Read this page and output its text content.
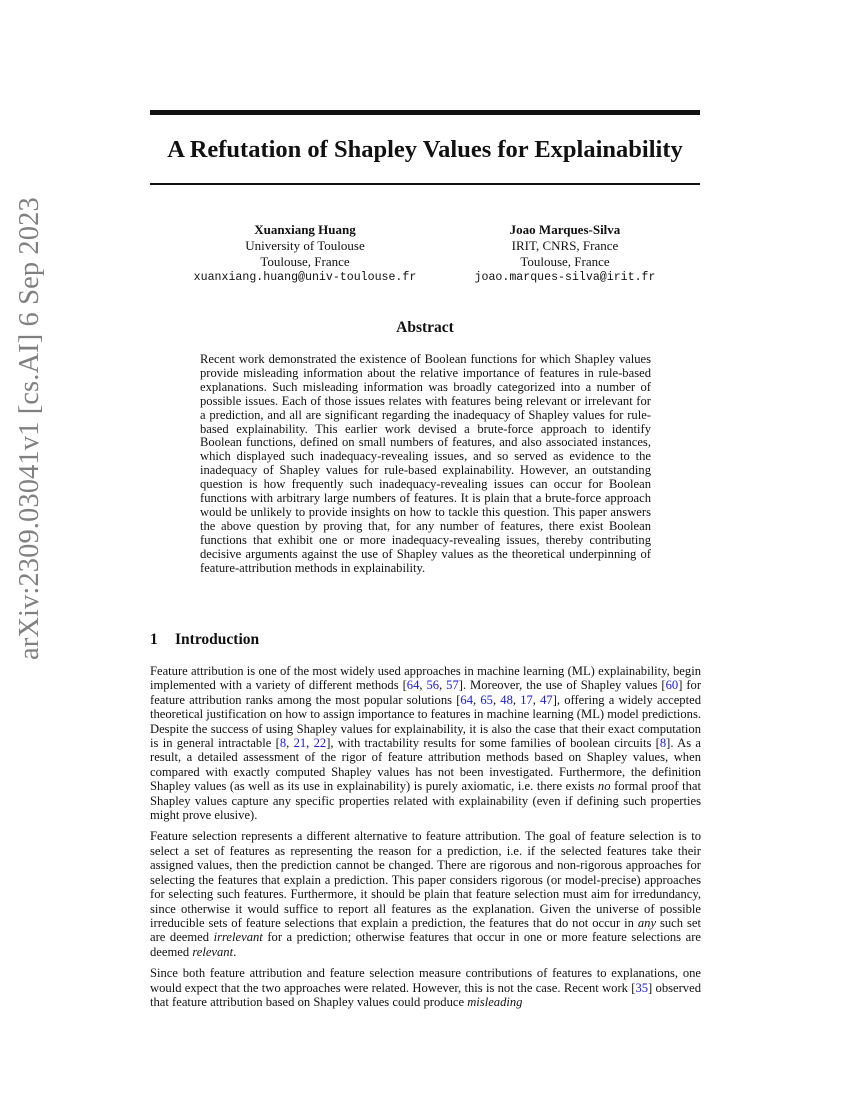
arXiv:2309.03041v1 [cs.AI] 6 Sep 2023
A Refutation of Shapley Values for Explainability
Xuanxiang Huang
University of Toulouse
Toulouse, France
xuanxiang.huang@univ-toulouse.fr
Joao Marques-Silva
IRIT, CNRS, France
Toulouse, France
joao.marques-silva@irit.fr
Abstract

Recent work demonstrated the existence of Boolean functions for which Shapley values provide misleading information about the relative importance of features in rule-based explanations. Such misleading information was broadly categorized into a number of possible issues. Each of those issues relates with features being relevant or irrelevant for a prediction, and all are significant regarding the inadequacy of Shapley values for rule-based explainability. This earlier work devised a brute-force approach to identify Boolean functions, defined on small numbers of features, and also associated instances, which displayed such inadequacy-revealing issues, and so served as evidence to the inadequacy of Shapley values for rule-based explainability. However, an outstanding question is how frequently such inadequacy-revealing issues can occur for Boolean functions with arbitrary large numbers of features. It is plain that a brute-force approach would be unlikely to provide insights on how to tackle this question. This paper answers the above question by proving that, for any number of features, there exist Boolean functions that exhibit one or more inadequacy-revealing issues, thereby contributing decisive arguments against the use of Shapley values as the theoretical underpinning of feature-attribution methods in explainability.

1 Introduction

Feature attribution is one of the most widely used approaches in machine learning (ML) explainability, begin implemented with a variety of different methods [64, 56, 57]. Moreover, the use of Shapley values [60] for feature attribution ranks among the most popular solutions [64, 65, 48, 17, 47], offering a widely accepted theoretical justification on how to assign importance to features in machine learning (ML) model predictions. Despite the success of using Shapley values for explainability, it is also the case that their exact computation is in general intractable [8, 21, 22], with tractability results for some families of boolean circuits [8]. As a result, a detailed assessment of the rigor of feature attribution methods based on Shapley values, when compared with exactly computed Shapley values has not been investigated. Furthermore, the definition Shapley values (as well as its use in explainability) is purely axiomatic, i.e. there exists no formal proof that Shapley values capture any specific properties related with explainability (even if defining such properties might prove elusive).

Feature selection represents a different alternative to feature attribution. The goal of feature selection is to select a set of features as representing the reason for a prediction, i.e. if the selected features take their assigned values, then the prediction cannot be changed. There are rigorous and non-rigorous approaches for selecting the features that explain a prediction. This paper considers rigorous (or model-precise) approaches for selecting such features. Furthermore, it should be plain that feature selection must aim for irredundancy, since otherwise it would suffice to report all features as the explanation. Given the universe of possible irreducible sets of feature selections that explain a prediction, the features that do not occur in any such set are deemed irrelevant for a prediction; otherwise features that occur in one or more feature selections are deemed relevant.

Since both feature attribution and feature selection measure contributions of features to explanations, one would expect that the two approaches were related. However, this is not the case. Recent work [35] observed that feature attribution based on Shapley values could produce misleading
